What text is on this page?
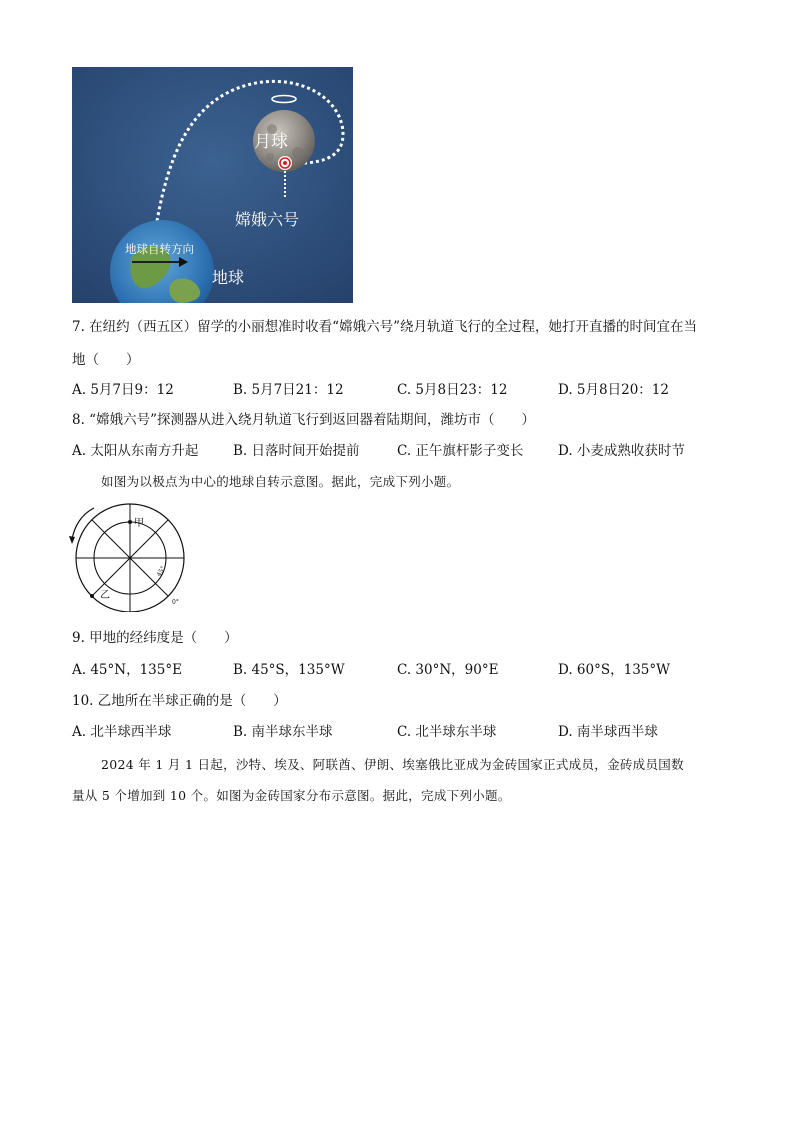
月球
嫦娥六号
地球自转方向
地球
7. 在纽约（西五区）留学的小丽想准时收看“嫦娥六号”绕月轨道飞行的全过程，她打开直播的时间宜在当
地（　　）
A. 5月7日9：12	B. 5月7日21：12	C. 5月8日23：12	D. 5月8日20：12
8. “嫦娥六号”探测器从进入绕月轨道飞行到返回器着陆期间，潍坊市（　　）
A. 太阳从东南方升起	B. 日落时间开始提前	C. 正午旗杆影子变长	D. 小麦成熟收获时节
如图为以极点为中心的地球自转示意图。据此，完成下列小题。
甲
乙
45°
0°
9. 甲地的经纬度是（　　）
A. 45°N，135°E	B. 45°S，135°W	C. 30°N，90°E	D. 60°S，135°W
10. 乙地所在半球正确的是（　　）
A. 北半球西半球	B. 南半球东半球	C. 北半球东半球	D. 南半球西半球
2024 年 1 月 1 日起，沙特、埃及、阿联酋、伊朗、埃塞俄比亚成为金砖国家正式成员，金砖成员国数
量从 5 个增加到 10 个。如图为金砖国家分布示意图。据此，完成下列小题。
